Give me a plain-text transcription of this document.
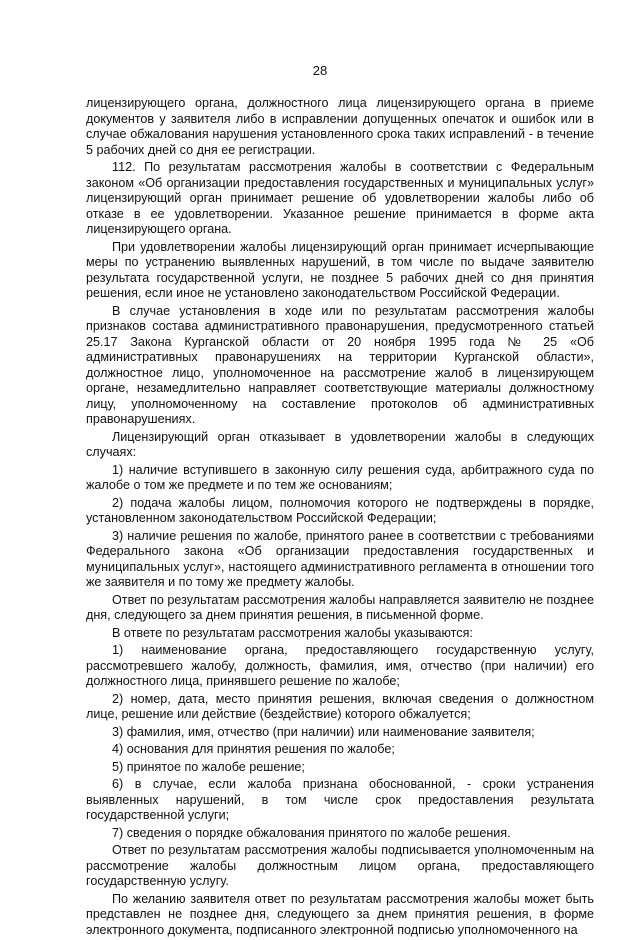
28

лицензирующего органа, должностного лица лицензирующего органа в приеме документов у заявителя либо в исправлении допущенных опечаток и ошибок или в случае обжалования нарушения установленного срока таких исправлений - в течение 5 рабочих дней со дня ее регистрации.

112. По результатам рассмотрения жалобы в соответствии с Федеральным законом «Об организации предоставления государственных и муниципальных услуг» лицензирующий орган принимает решение об удовлетворении жалобы либо об отказе в ее удовлетворении. Указанное решение принимается в форме акта лицензирующего органа.

При удовлетворении жалобы лицензирующий орган принимает исчерпывающие меры по устранению выявленных нарушений, в том числе по выдаче заявителю результата государственной услуги, не позднее 5 рабочих дней со дня принятия решения, если иное не установлено законодательством Российской Федерации.

В случае установления в ходе или по результатам рассмотрения жалобы признаков состава административного правонарушения, предусмотренного статьей 25.17 Закона Курганской области от 20 ноября 1995 года № 25 «Об административных правонарушениях на территории Курганской области», должностное лицо, уполномоченное на рассмотрение жалоб в лицензирующем органе, незамедлительно направляет соответствующие материалы должностному лицу, уполномоченному на составление протоколов об административных правонарушениях.

Лицензирующий орган отказывает в удовлетворении жалобы в следующих случаях:

1) наличие вступившего в законную силу решения суда, арбитражного суда по жалобе о том же предмете и по тем же основаниям;

2) подача жалобы лицом, полномочия которого не подтверждены в порядке, установленном законодательством Российской Федерации;

3) наличие решения по жалобе, принятого ранее в соответствии с требованиями Федерального закона «Об организации предоставления государственных и муниципальных услуг», настоящего административного регламента в отношении того же заявителя и по тому же предмету жалобы.

Ответ по результатам рассмотрения жалобы направляется заявителю не позднее дня, следующего за днем принятия решения, в письменной форме.

В ответе по результатам рассмотрения жалобы указываются:

1) наименование органа, предоставляющего государственную услугу, рассмотревшего жалобу, должность, фамилия, имя, отчество (при наличии) его должностного лица, принявшего решение по жалобе;

2) номер, дата, место принятия решения, включая сведения о должностном лице, решение или действие (бездействие) которого обжалуется;

3) фамилия, имя, отчество (при наличии) или наименование заявителя;

4) основания для принятия решения по жалобе;

5) принятое по жалобе решение;

6) в случае, если жалоба признана обоснованной, - сроки устранения выявленных нарушений, в том числе срок предоставления результата государственной услуги;

7) сведения о порядке обжалования принятого по жалобе решения.

Ответ по результатам рассмотрения жалобы подписывается уполномоченным на рассмотрение жалобы должностным лицом органа, предоставляющего государственную услугу.

По желанию заявителя ответ по результатам рассмотрения жалобы может быть представлен не позднее дня, следующего за днем принятия решения, в форме электронного документа, подписанного электронной подписью уполномоченного на
